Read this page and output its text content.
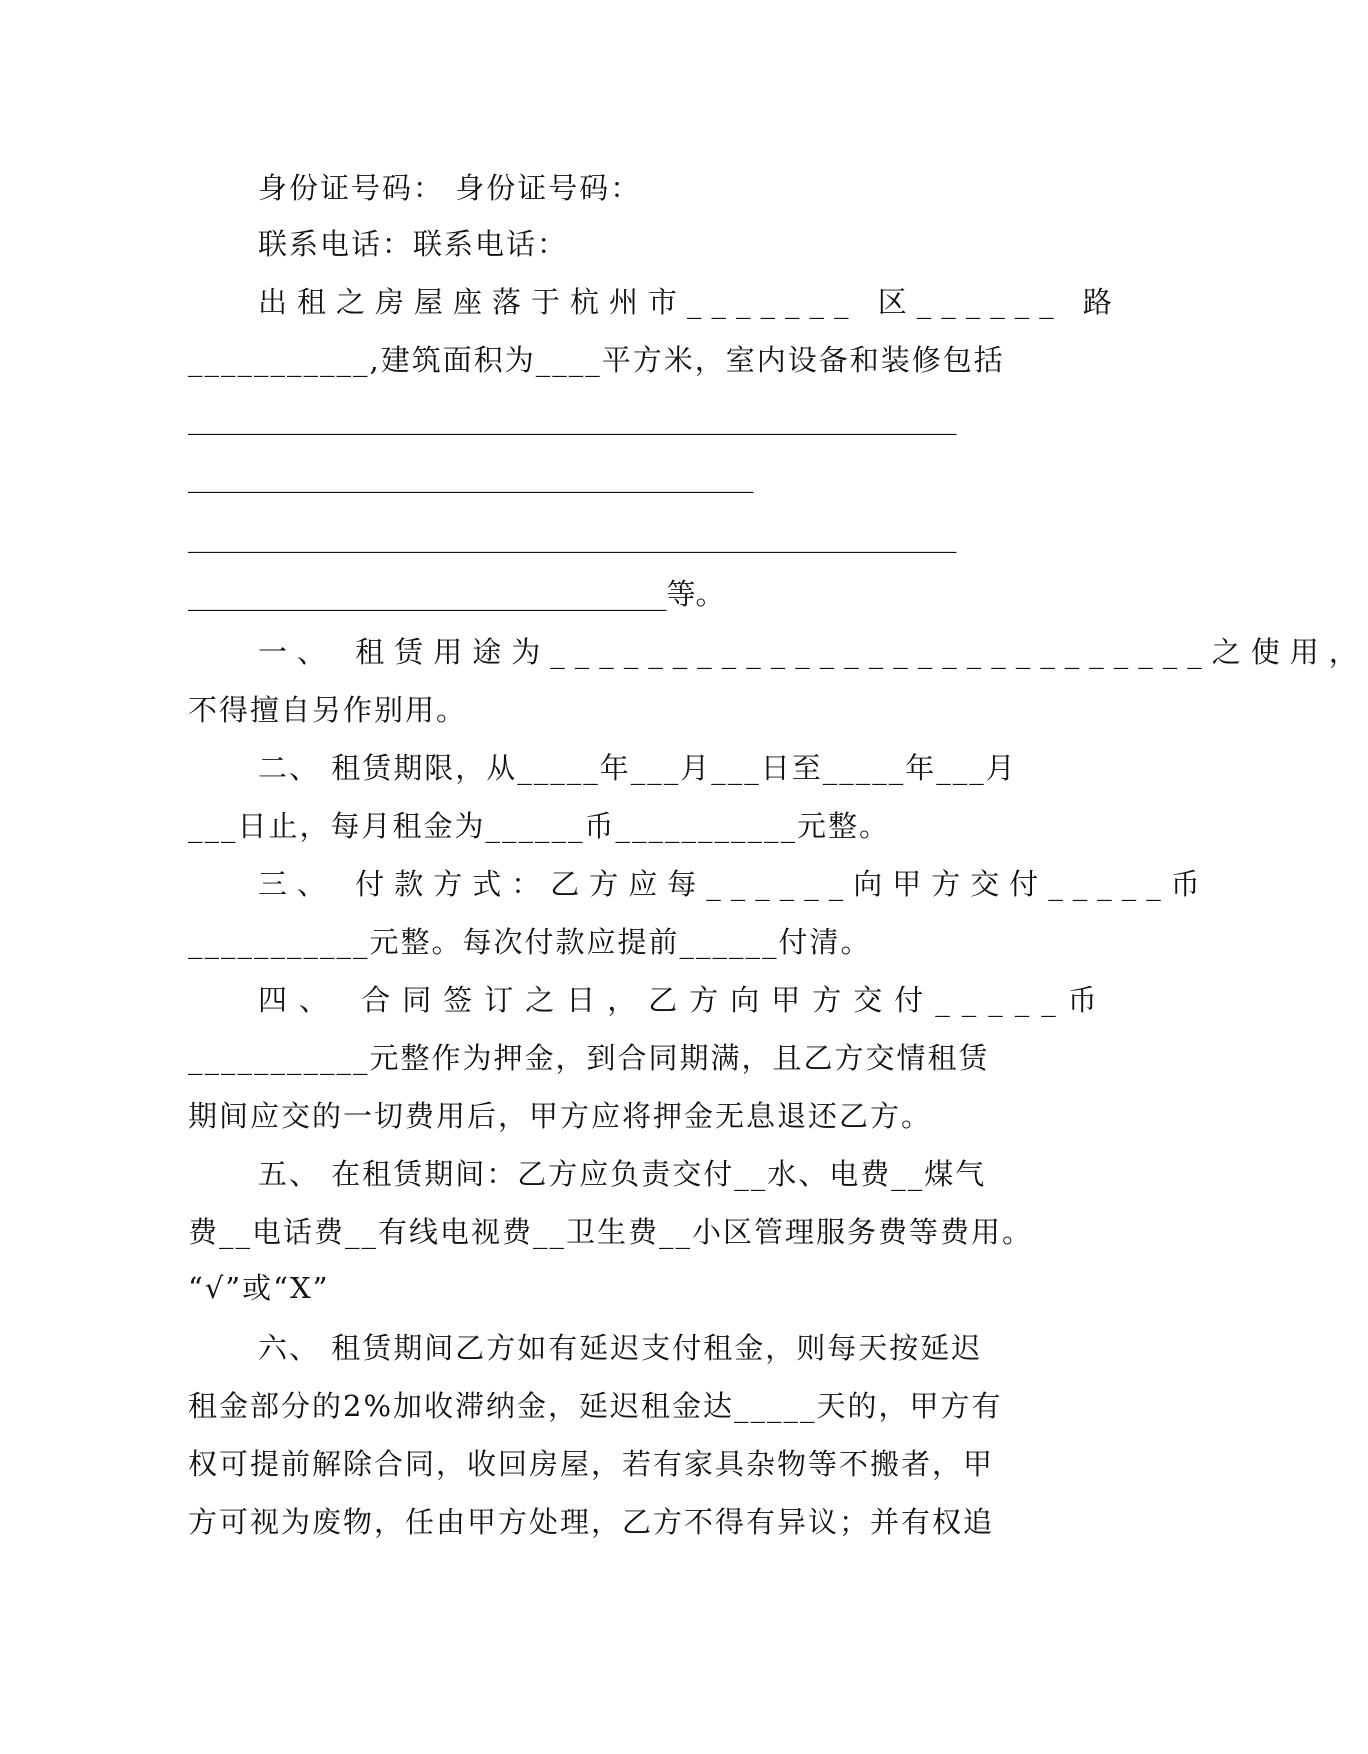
身份证号码： 身份证号码：
联系电话：联系电话：
出租之房屋座落于杭州市_______ 区______ 路
___________,建筑面积为____平方米，室内设备和装修包括
_____________________________________________________
_______________________________________
_____________________________________________________
_________________________________等。
一、 租赁用途为___________________________之使用，
不得擅自另作别用。
二、 租赁期限，从_____年___月___日至_____年___月
___日止，每月租金为______币___________元整。
三、 付款方式：乙方应每______向甲方交付_____币
___________元整。每次付款应提前______付清。
四、 合同签订之日，乙方向甲方交付_____币
___________元整作为押金，到合同期满，且乙方交情租赁
期间应交的一切费用后，甲方应将押金无息退还乙方。
五、 在租赁期间：乙方应负责交付__水、电费__煤气
费__电话费__有线电视费__卫生费__小区管理服务费等费用。
“√”或“X”
六、 租赁期间乙方如有延迟支付租金，则每天按延迟
租金部分的2%加收滞纳金，延迟租金达_____天的，甲方有
权可提前解除合同，收回房屋，若有家具杂物等不搬者，甲
方可视为废物，任由甲方处理，乙方不得有异议；并有权追
